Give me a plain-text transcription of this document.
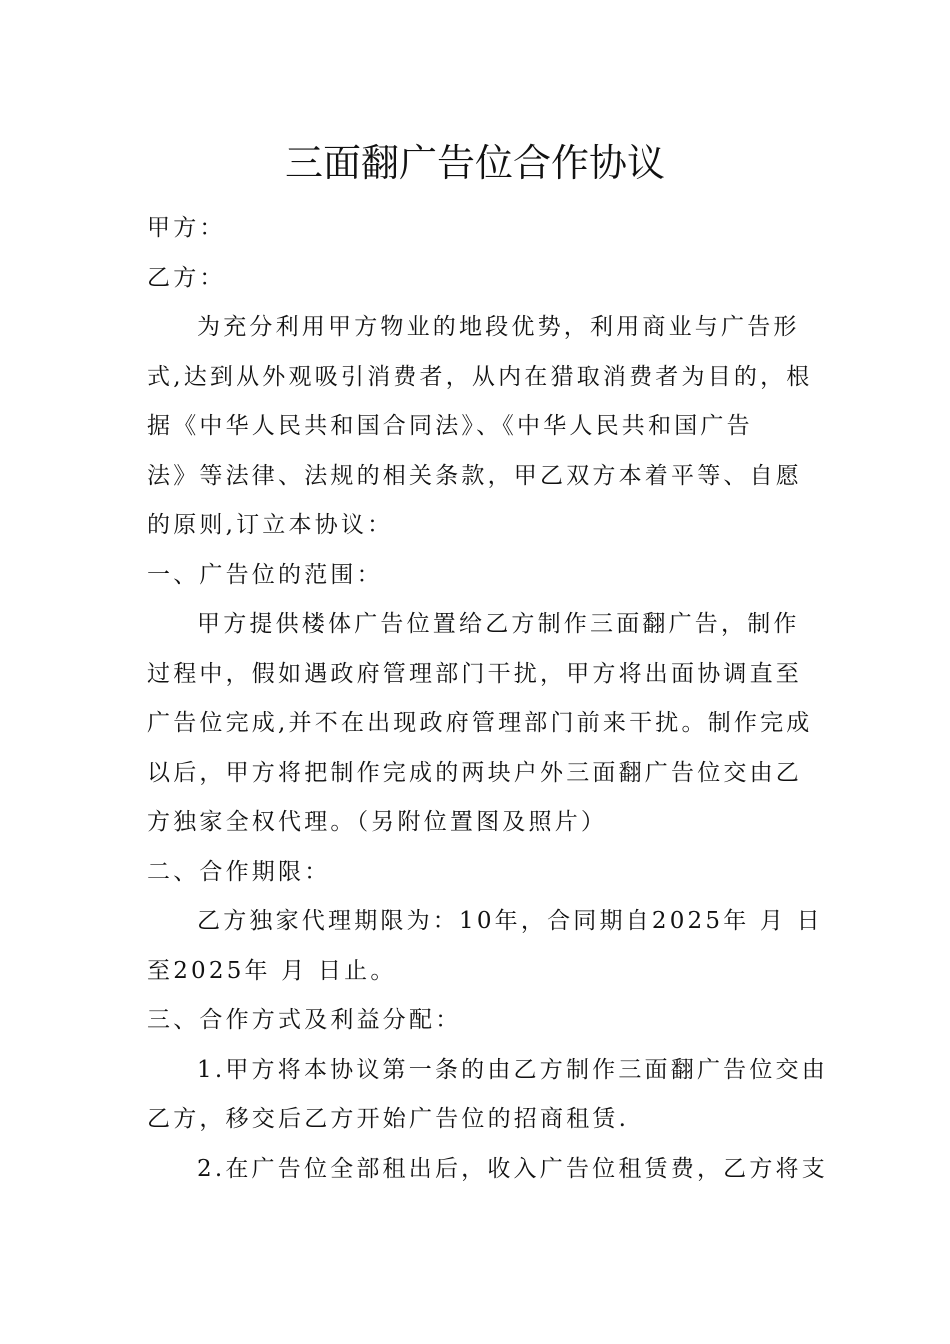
三面翻广告位合作协议
甲方：
乙方：
为充分利用甲方物业的地段优势，利用商业与广告形
式,达到从外观吸引消费者，从内在猎取消费者为目的，根
据《中华人民共和国合同法》、《中华人民共和国广告
法》等法律、法规的相关条款，甲乙双方本着平等、自愿
的原则,订立本协议：
一、广告位的范围：
甲方提供楼体广告位置给乙方制作三面翻广告，制作
过程中，假如遇政府管理部门干扰，甲方将出面协调直至
广告位完成,并不在出现政府管理部门前来干扰。制作完成
以后，甲方将把制作完成的两块户外三面翻广告位交由乙
方独家全权代理。（另附位置图及照片）
二、合作期限：
乙方独家代理期限为：10年，合同期自2025年 月 日
至2025年 月 日止。
三、合作方式及利益分配：
1.甲方将本协议第一条的由乙方制作三面翻广告位交由
乙方，移交后乙方开始广告位的招商租赁.
2.在广告位全部租出后，收入广告位租赁费，乙方将支
